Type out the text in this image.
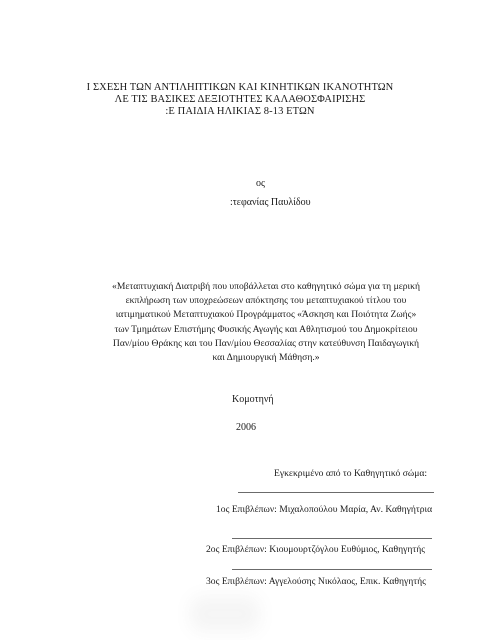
Ι ΣΧΕΣΗ ΤΩΝ ΑΝΤΙΛΗΠΤΙΚΩΝ ΚΑΙ ΚΙΝΗΤΙΚΩΝ ΙΚΑΝΟΤΗΤΩΝ
ΛΕ ΤΙΣ ΒΑΣΙΚΕΣ ΔΕΞΙΟΤΗΤΕΣ ΚΑΛΑΘΟΣΦΑΙΡΙΣΗΣ
:Ε ΠΑΙΔΙΑ ΗΛΙΚΙΑΣ 8-13 ΕΤΩΝ
ος
:τεφανίας Παυλίδου
«Μεταπτυχιακή Διατριβή που υποβάλλεται στο καθηγητικό σώμα για τη μερική
εκπλήρωση των υποχρεώσεων απόκτησης του μεταπτυχιακού τίτλου του
ιατιμηματικού Μεταπτυχιακού Προγράμματος «Άσκηση και Ποιότητα Ζωής»
των Τμημάτων Επιστήμης Φυσικής Αγωγής και Αθλητισμού του Δημοκρίτειου
Παν/μίου Θράκης και του Παν/μίου Θεσσαλίας στην κατεύθυνση Παιδαγωγική
και Δημιουργική Μάθηση.»
Κομοτηνή
2006
Εγκεκριμένο από το Καθηγητικό σώμα:
1ος Επιβλέπων: Μιχαλοπούλου Μαρία, Αν. Καθηγήτρια
2ος Επιβλέπων: Κιουμουρτζόγλου Ευθύμιος, Καθηγητής
3ος Επιβλέπων: Αγγελούσης Νικόλαος, Επικ. Καθηγητής
